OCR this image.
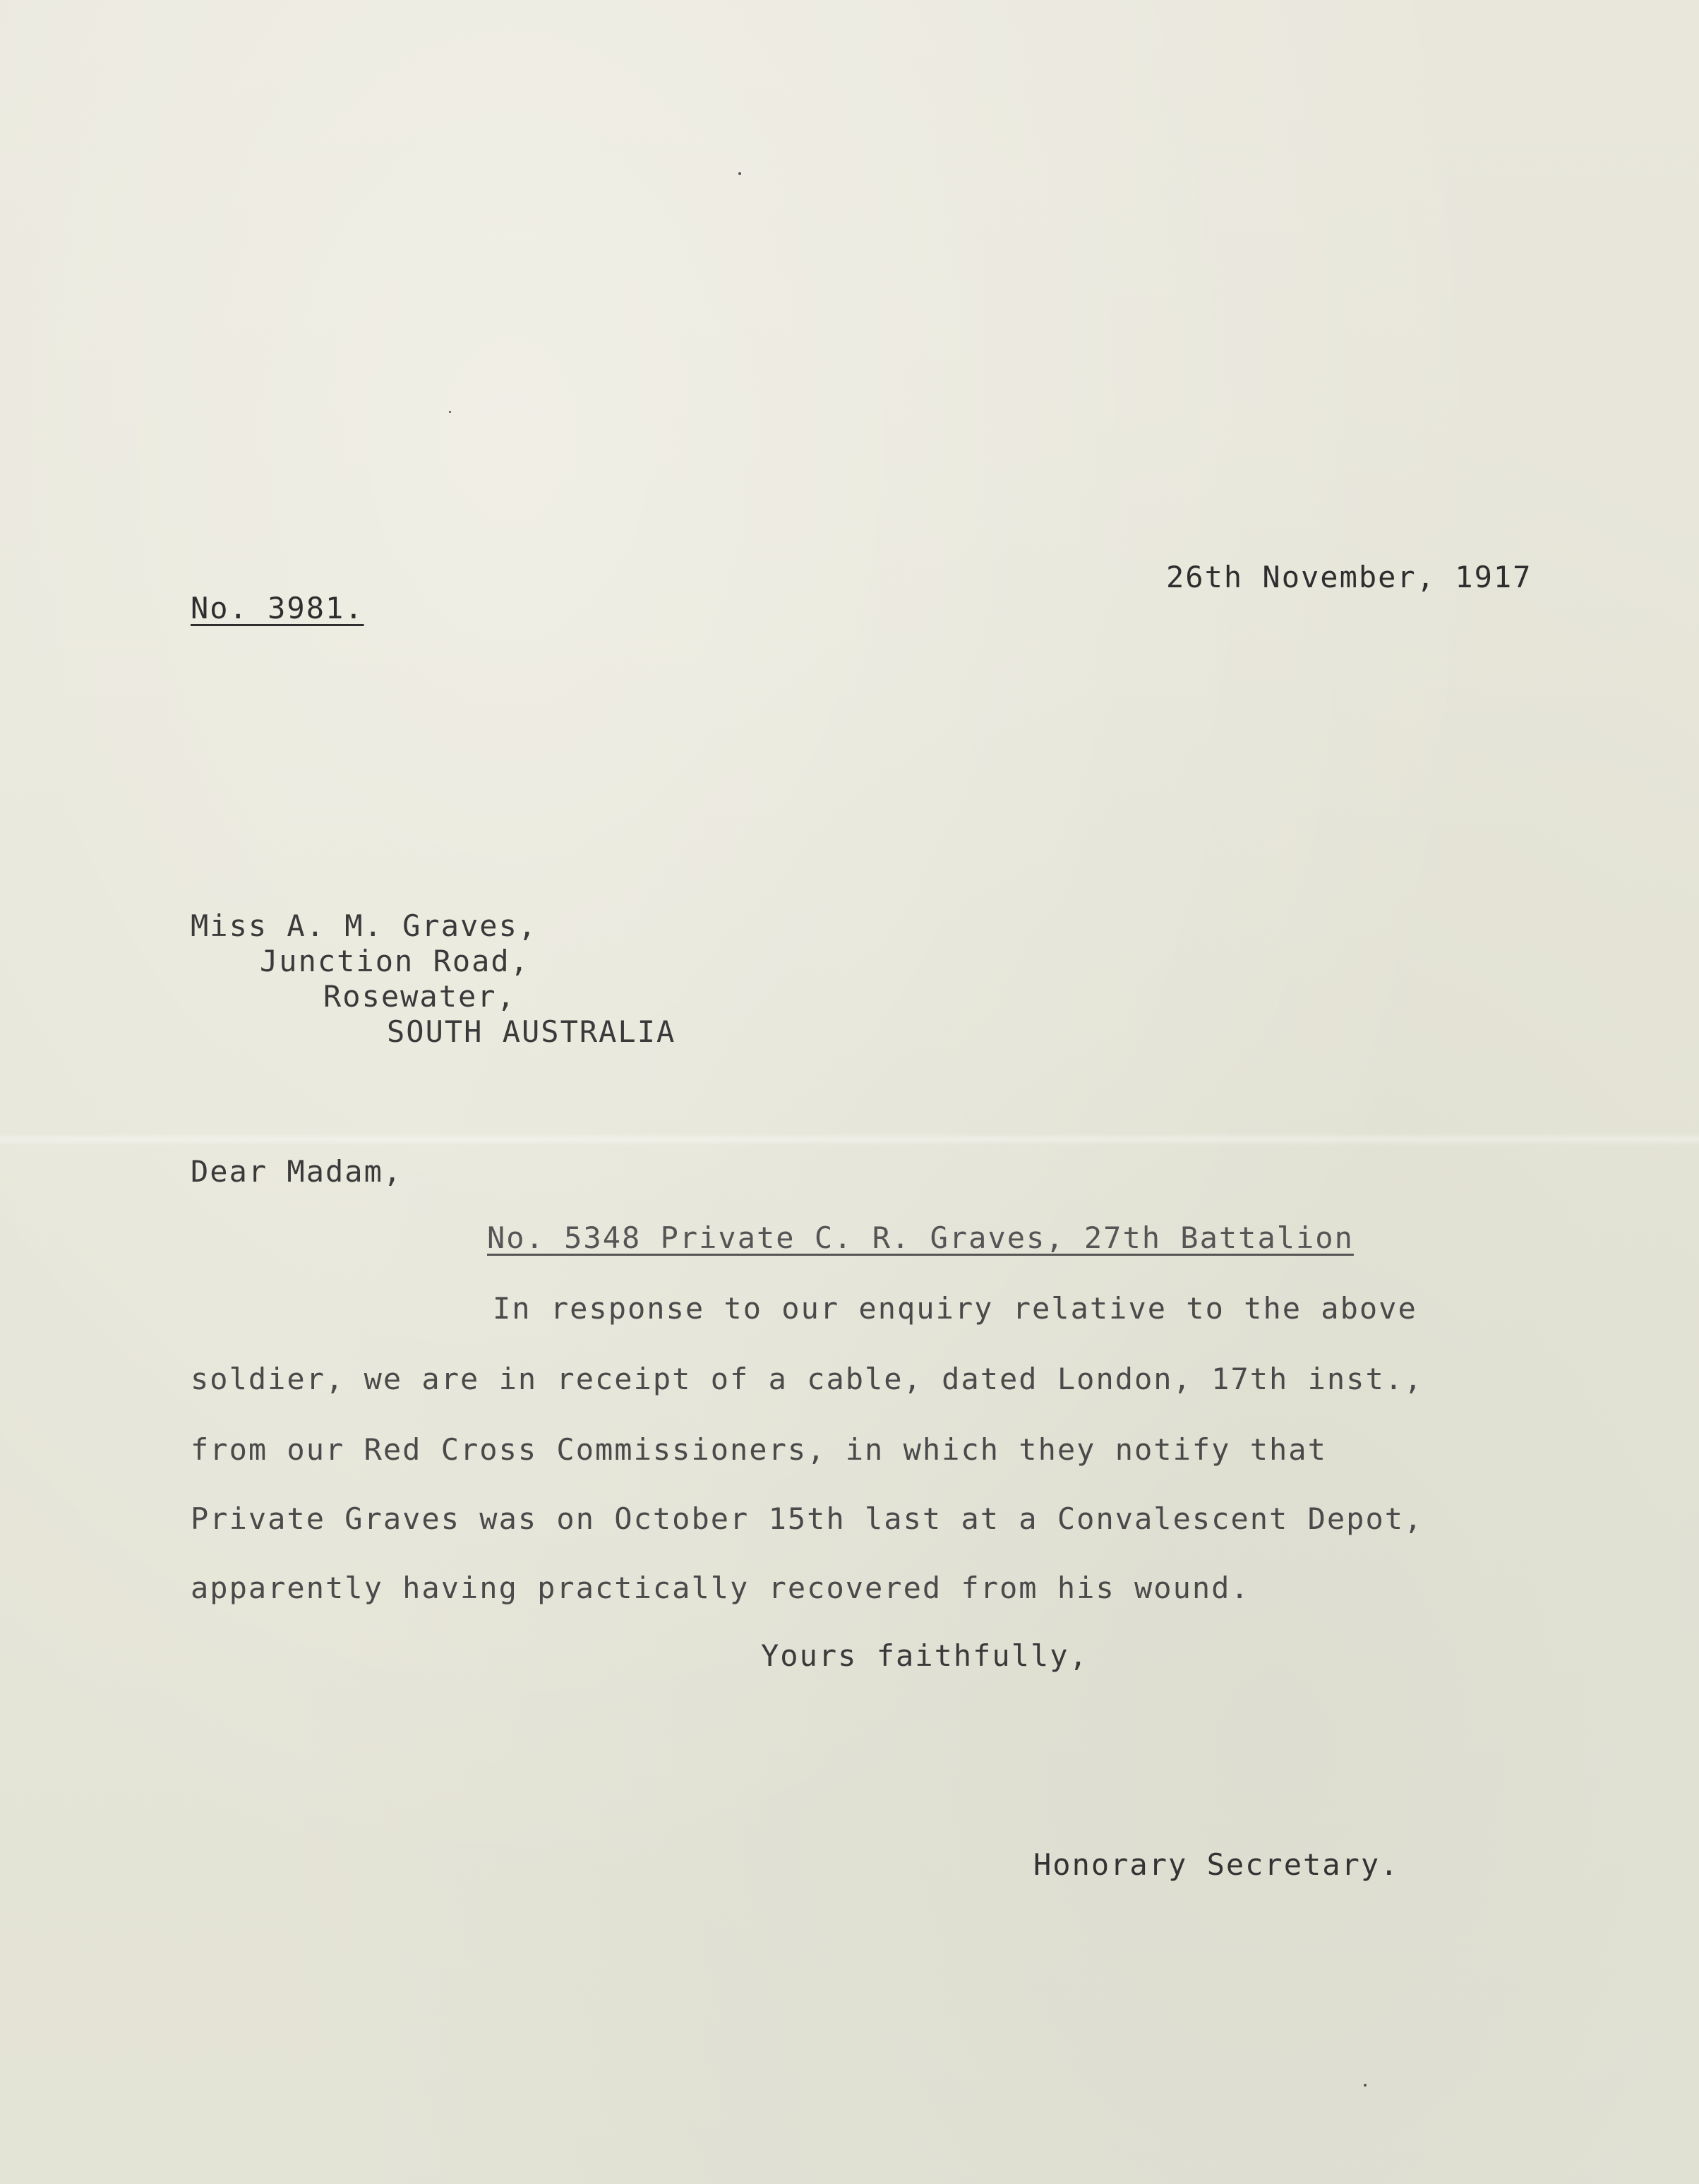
26th November, 1917
No. 3981.
Miss A. M. Graves,
Junction Road,
Rosewater,
SOUTH AUSTRALIA
Dear Madam,
No. 5348 Private C. R. Graves, 27th Battalion
In response to our enquiry relative to the above
soldier, we are in receipt of a cable, dated London, 17th inst.,
from our Red Cross Commissioners, in which they notify that
Private Graves was on October 15th last at a Convalescent Depot,
apparently having practically recovered from his wound.
Yours faithfully,
Honorary Secretary.
